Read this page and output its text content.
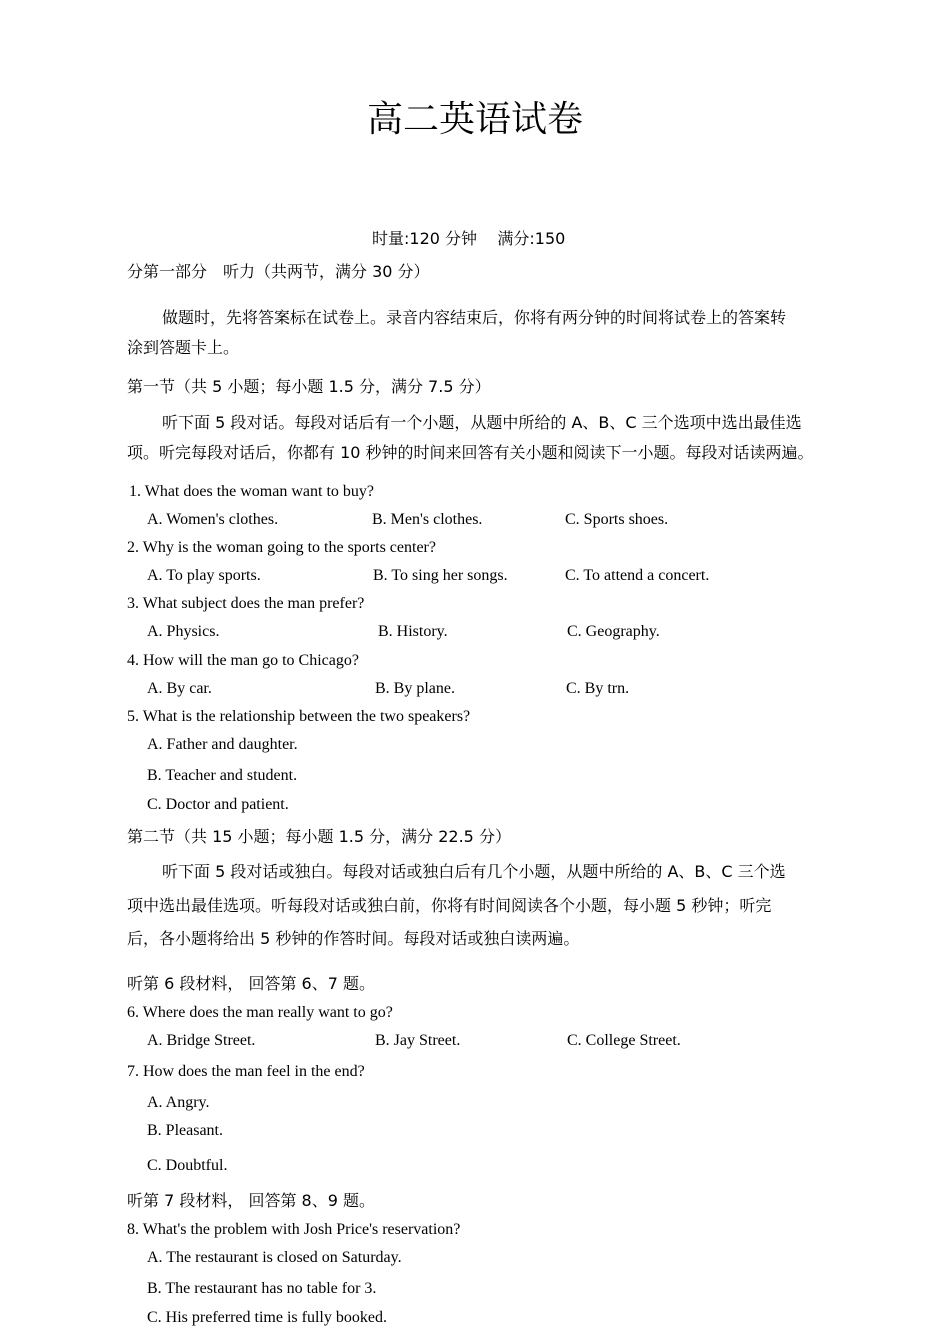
高二英语试卷
时量:120 分钟 满分:150
分第一部分　听力（共两节，满分 30 分）
做题时，先将答案标在试卷上。录音内容结束后，你将有两分钟的时间将试卷上的答案转
涂到答题卡上。
第一节（共 5 小题；每小题 1.5 分，满分 7.5 分）
听下面 5 段对话。每段对话后有一个小题，从题中所给的 A、B、C 三个选项中选出最佳选
项。听完每段对话后，你都有 10 秒钟的时间来回答有关小题和阅读下一小题。每段对话读两遍。
1. What does the woman want to buy?
A. Women's clothes.	B. Men's clothes.	C. Sports shoes.
2. Why is the woman going to the sports center?
A. To play sports.	B. To sing her songs.	C. To attend a concert.
3. What subject does the man prefer?
A. Physics.	B. History.	C. Geography.
4. How will the man go to Chicago?
A. By car.	B. By plane.	C. By trn.
5. What is the relationship between the two speakers?
A. Father and daughter.
B. Teacher and student.
C. Doctor and patient.
第二节（共 15 小题；每小题 1.5 分，满分 22.5 分）
听下面 5 段对话或独白。每段对话或独白后有几个小题，从题中所给的 A、B、C 三个选
项中选出最佳选项。听每段对话或独白前，你将有时间阅读各个小题，每小题 5 秒钟；听完
后，各小题将给出 5 秒钟的作答时间。每段对话或独白读两遍。
听第 6 段材料， 回答第 6、7 题。
6. Where does the man really want to go?
A. Bridge Street.	B. Jay Street.	C. College Street.
7. How does the man feel in the end?
A. Angry.
B. Pleasant.
C. Doubtful.
听第 7 段材料， 回答第 8、9 题。
8. What's the problem with Josh Price's reservation?
A. The restaurant is closed on Saturday.
B. The restaurant has no table for 3.
C. His preferred time is fully booked.
